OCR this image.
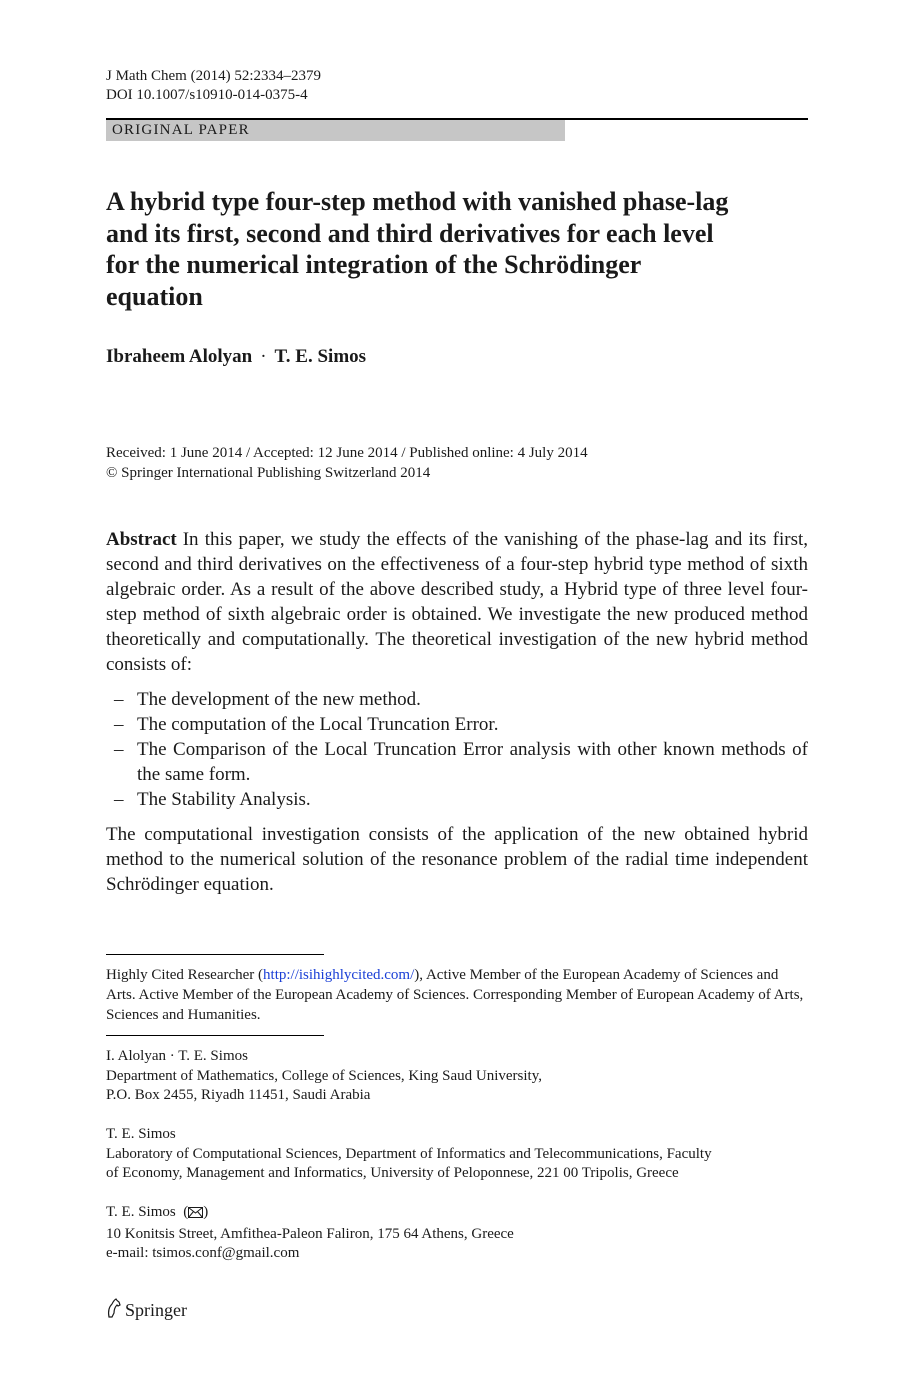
J Math Chem (2014) 52:2334–2379
DOI 10.1007/s10910-014-0375-4
ORIGINAL PAPER
A hybrid type four-step method with vanished phase-lag
and its first, second and third derivatives for each level
for the numerical integration of the Schrödinger
equation
Ibraheem Alolyan · T. E. Simos
Received: 1 June 2014 / Accepted: 12 June 2014 / Published online: 4 July 2014
© Springer International Publishing Switzerland 2014

Abstract In this paper, we study the effects of the vanishing of the phase-lag and its first, second and third derivatives on the effectiveness of a four-step hybrid type method of sixth algebraic order. As a result of the above described study, a Hybrid type of three level four-step method of sixth algebraic order is obtained. We investigate the new produced method theoretically and computationally. The theoretical investigation of the new hybrid method consists of:

– The development of the new method.
– The computation of the Local Truncation Error.
– The Comparison of the Local Truncation Error analysis with other known methods of the same form.
– The Stability Analysis.

The computational investigation consists of the application of the new obtained hybrid method to the numerical solution of the resonance problem of the radial time independent Schrödinger equation.

Highly Cited Researcher (http://isihighlycited.com/), Active Member of the European Academy of Sciences and Arts. Active Member of the European Academy of Sciences. Corresponding Member of European Academy of Arts, Sciences and Humanities.
I. Alolyan · T. E. Simos
Department of Mathematics, College of Sciences, King Saud University,
P.O. Box 2455, Riyadh 11451, Saudi Arabia
T. E. Simos
Laboratory of Computational Sciences, Department of Informatics and Telecommunications, Faculty
of Economy, Management and Informatics, University of Peloponnese, 221 00 Tripolis, Greece
T. E. Simos  ( )
10 Konitsis Street, Amfithea-Paleon Faliron, 175 64 Athens, Greece
e-mail: tsimos.conf@gmail.com
Springer
